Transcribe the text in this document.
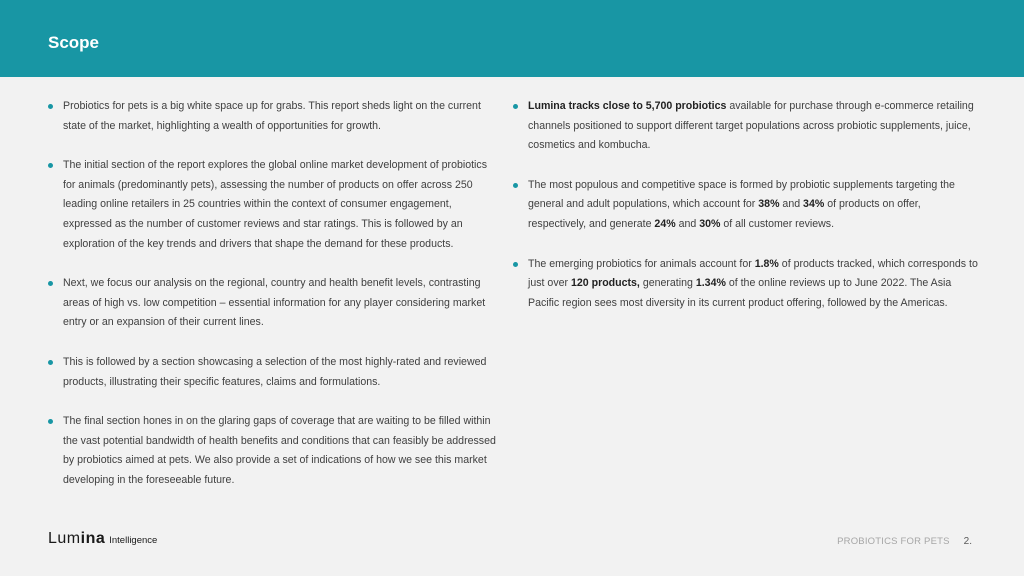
Scope
Probiotics for pets is a big white space up for grabs. This report sheds light on the current state of the market, highlighting a wealth of opportunities for growth.
The initial section of the report explores the global online market development of probiotics for animals (predominantly pets), assessing the number of products on offer across 250 leading online retailers in 25 countries within the context of consumer engagement, expressed as the number of customer reviews and star ratings. This is followed by an exploration of the key trends and drivers that shape the demand for these products.
Next, we focus our analysis on the regional, country and health benefit levels, contrasting areas of high vs. low competition – essential information for any player considering market entry or an expansion of their current lines.
This is followed by a section showcasing a selection of the most highly-rated and reviewed products, illustrating their specific features, claims and formulations.
The final section hones in on the glaring gaps of coverage that are waiting to be filled within the vast potential bandwidth of health benefits and conditions that can feasibly be addressed by probiotics aimed at pets. We also provide a set of indications of how we see this market developing in the foreseeable future.
Lumina tracks close to 5,700 probiotics available for purchase through e-commerce retailing channels positioned to support different target populations across probiotic supplements, juice, cosmetics and kombucha.
The most populous and competitive space is formed by probiotic supplements targeting the general and adult populations, which account for 38% and 34% of products on offer, respectively, and generate 24% and 30% of all customer reviews.
The emerging probiotics for animals account for 1.8% of products tracked, which corresponds to just over 120 products, generating 1.34% of the online reviews up to June 2022. The Asia Pacific region sees most diversity in its current product offering, followed by the Americas.
Lumina Intelligence	PROBIOTICS FOR PETS 2.
